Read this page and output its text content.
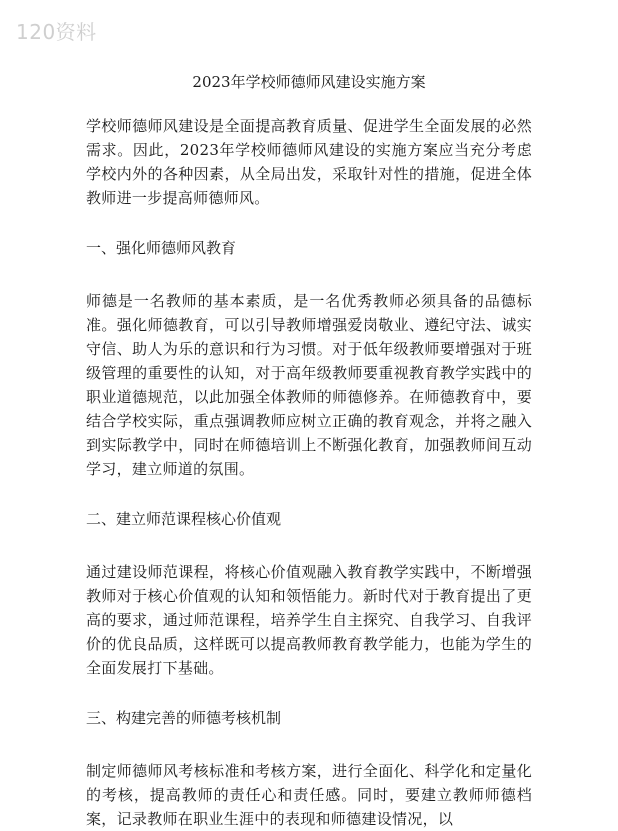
120资料
2023年学校师德师风建设实施方案

学校师德师风建设是全面提高教育质量、促进学生全面发展的必然需求。因此，2023年学校师德师风建设的实施方案应当充分考虑学校内外的各种因素，从全局出发，采取针对性的措施，促进全体教师进一步提高师德师风。

一、强化师德师风教育

师德是一名教师的基本素质，是一名优秀教师必须具备的品德标准。强化师德教育，可以引导教师增强爱岗敬业、遵纪守法、诚实守信、助人为乐的意识和行为习惯。对于低年级教师要增强对于班级管理的重要性的认知，对于高年级教师要重视教育教学实践中的职业道德规范，以此加强全体教师的师德修养。在师德教育中，要结合学校实际，重点强调教师应树立正确的教育观念，并将之融入到实际教学中，同时在师德培训上不断强化教育，加强教师间互动学习，建立师道的氛围。

二、建立师范课程核心价值观

通过建设师范课程，将核心价值观融入教育教学实践中，不断增强教师对于核心价值观的认知和领悟能力。新时代对于教育提出了更高的要求，通过师范课程，培养学生自主探究、自我学习、自我评价的优良品质，这样既可以提高教师教育教学能力，也能为学生的全面发展打下基础。

三、构建完善的师德考核机制

制定师德师风考核标准和考核方案，进行全面化、科学化和定量化的考核，提高教师的责任心和责任感。同时，要建立教师师德档案，记录教师在职业生涯中的表现和师德建设情况，以
